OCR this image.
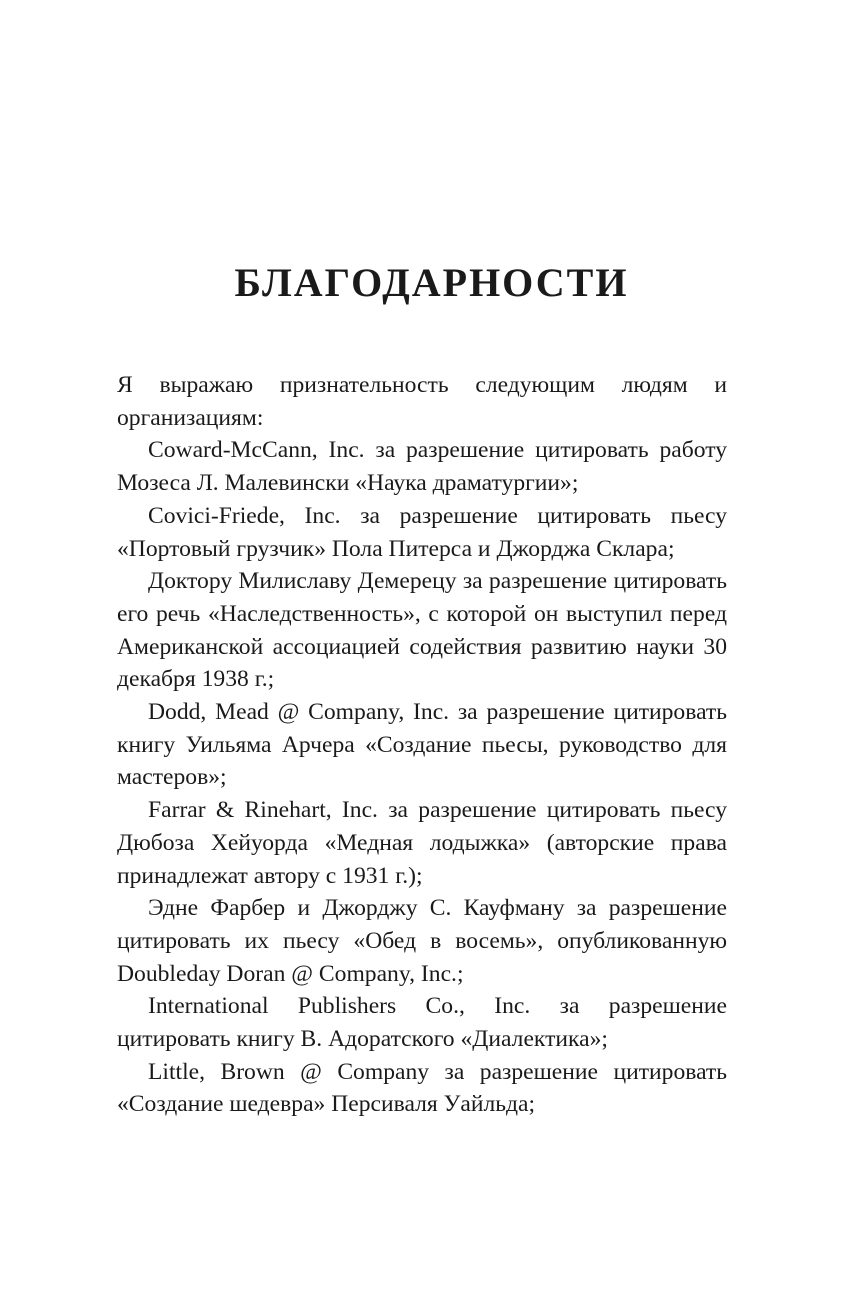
БЛАГОДАРНОСТИ

Я выражаю признательность следующим людям и организациям:

Coward-McCann, Inc. за разрешение цитировать работу Мозеса Л. Малевински «Наука драматургии»;

Covici-Friede, Inc. за разрешение цитировать пьесу «Портовый грузчик» Пола Питерса и Джорджа Склара;

Доктору Милиславу Демерецу за разрешение цитировать его речь «Наследственность», с которой он выступил перед Американской ассоциацией содействия развитию науки 30 декабря 1938 г.;

Dodd, Mead @ Company, Inc. за разрешение цитировать книгу Уильяма Арчера «Создание пьесы, руководство для мастеров»;

Farrar & Rinehart, Inc. за разрешение цитировать пьесу Дюбоза Хейуорда «Медная лодыжка» (авторские права принадлежат автору с 1931 г.);

Эдне Фарбер и Джорджу С. Кауфману за разрешение цитировать их пьесу «Обед в восемь», опубликованную Doubleday Doran @ Company, Inc.;

International Publishers Co., Inc. за разрешение цитировать книгу В. Адоратского «Диалектика»;

Little, Brown @ Company за разрешение цитировать «Создание шедевра» Персиваля Уайльда;
